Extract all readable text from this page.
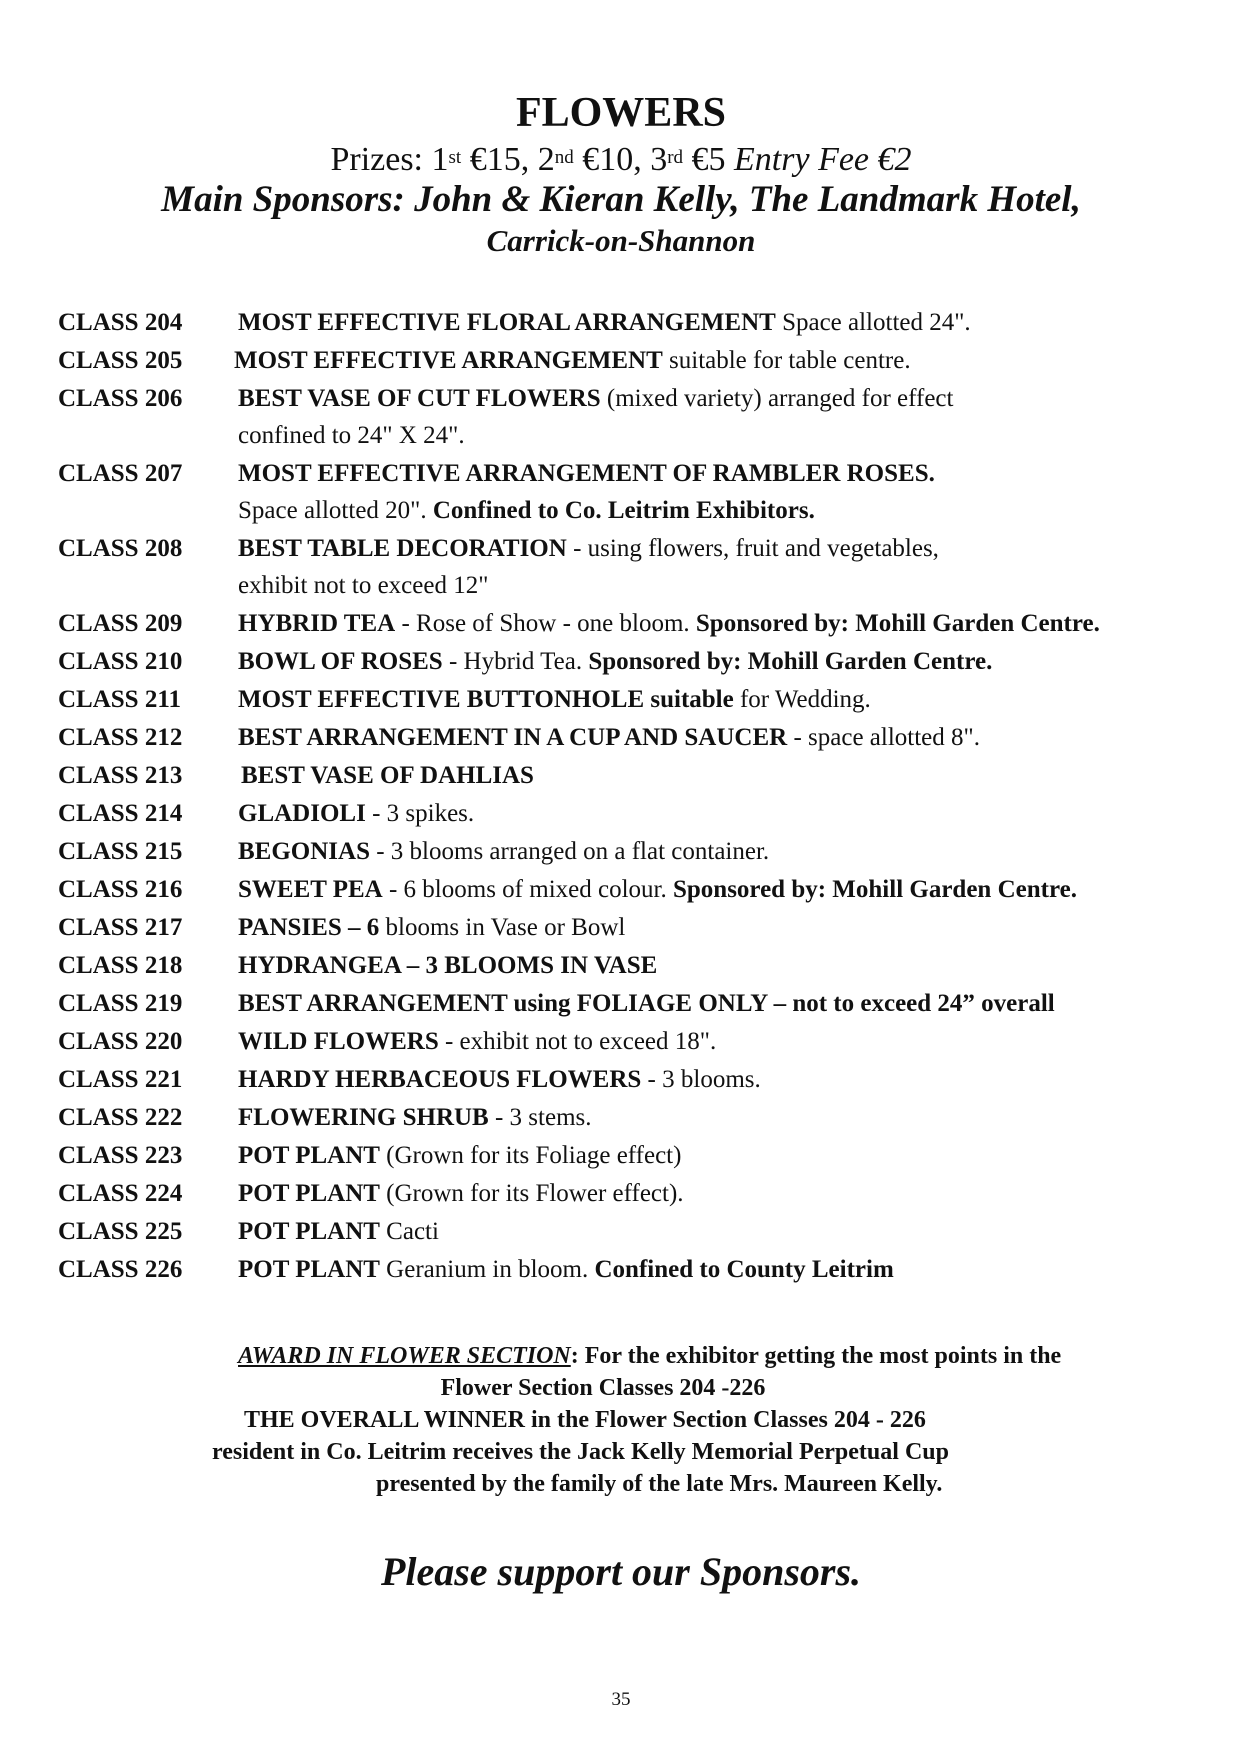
FLOWERS
Prizes: 1st €15, 2nd €10, 3rd €5 Entry Fee €2
Main Sponsors: John & Kieran Kelly, The Landmark Hotel,
Carrick-on-Shannon
CLASS 204 MOST EFFECTIVE FLORAL ARRANGEMENT Space allotted 24".
CLASS 205 MOST EFFECTIVE ARRANGEMENT suitable for table centre.
CLASS 206 BEST VASE OF CUT FLOWERS (mixed variety) arranged for effect
confined to 24" X 24".
CLASS 207 MOST EFFECTIVE ARRANGEMENT OF RAMBLER ROSES.
Space allotted 20". Confined to Co. Leitrim Exhibitors.
CLASS 208 BEST TABLE DECORATION - using flowers, fruit and vegetables,
exhibit not to exceed 12"
CLASS 209 HYBRID TEA - Rose of Show - one bloom. Sponsored by: Mohill Garden Centre.
CLASS 210 BOWL OF ROSES - Hybrid Tea. Sponsored by: Mohill Garden Centre.
CLASS 211 MOST EFFECTIVE BUTTONHOLE suitable for Wedding.
CLASS 212 BEST ARRANGEMENT IN A CUP AND SAUCER - space allotted 8".
CLASS 213 BEST VASE OF DAHLIAS
CLASS 214 GLADIOLI - 3 spikes.
CLASS 215 BEGONIAS - 3 blooms arranged on a flat container.
CLASS 216 SWEET PEA - 6 blooms of mixed colour. Sponsored by: Mohill Garden Centre.
CLASS 217 PANSIES – 6 blooms in Vase or Bowl
CLASS 218 HYDRANGEA – 3 BLOOMS IN VASE
CLASS 219 BEST ARRANGEMENT using FOLIAGE ONLY – not to exceed 24” overall
CLASS 220 WILD FLOWERS - exhibit not to exceed 18".
CLASS 221 HARDY HERBACEOUS FLOWERS - 3 blooms.
CLASS 222 FLOWERING SHRUB - 3 stems.
CLASS 223 POT PLANT (Grown for its Foliage effect)
CLASS 224 POT PLANT (Grown for its Flower effect).
CLASS 225 POT PLANT Cacti
CLASS 226 POT PLANT Geranium in bloom. Confined to County Leitrim
AWARD IN FLOWER SECTION: For the exhibitor getting the most points in the
Flower Section Classes 204 -226
THE OVERALL WINNER in the Flower Section Classes 204 - 226
resident in Co. Leitrim receives the Jack Kelly Memorial Perpetual Cup
presented by the family of the late Mrs. Maureen Kelly.
Please support our Sponsors.
35
